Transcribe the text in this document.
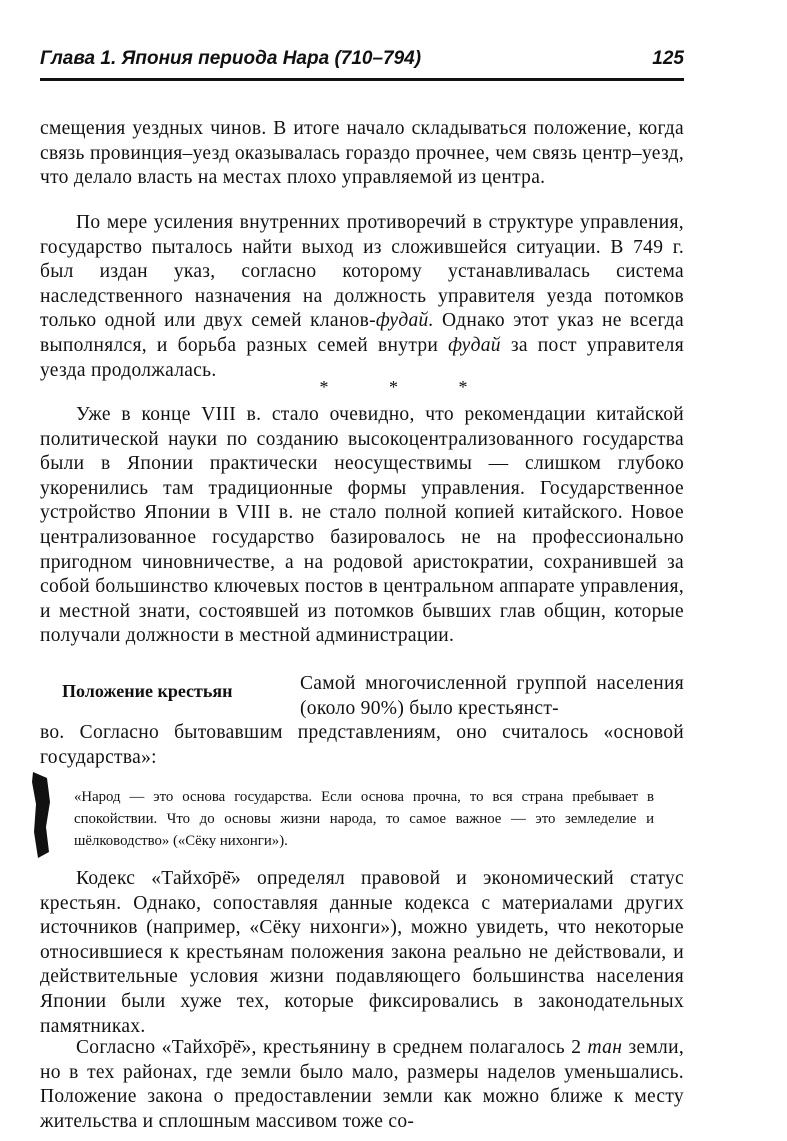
Глава 1. Япония периода Нара (710–794)	125
смещения уездных чинов. В итоге начало складываться положение, когда связь провинция–уезд оказывалась гораздо прочнее, чем связь центр–уезд, что делало власть на местах плохо управляемой из центра.
По мере усиления внутренних противоречий в структуре управления, государство пыталось найти выход из сложившейся ситуации. В 749 г. был издан указ, согласно которому устанавливалась система наследственного назначения на должность управителя уезда потомков только одной или двух семей кланов-фудай. Однако этот указ не всегда выполнялся, и борьба разных семей внутри фудай за пост управителя уезда продолжалась.
* * *
Уже в конце VIII в. стало очевидно, что рекомендации китайской политической науки по созданию высокоцентрализованного государства были в Японии практически неосуществимы — слишком глубоко укоренились там традиционные формы управления. Государственное устройство Японии в VIII в. не стало полной копией китайского. Новое централизованное государство базировалось не на профессионально пригодном чиновничестве, а на родовой аристократии, сохранившей за собой большинство ключевых постов в центральном аппарате управления, и местной знати, состоявшей из потомков бывших глав общин, которые получали должности в местной администрации.
Положение крестьян	Самой многочисленной группой населения (около 90%) было крестьянст-
во. Согласно бытовавшим представлениям, оно считалось «основой государства»:
«Народ — это основа государства. Если основа прочна, то вся страна пребывает в спокойствии. Что до основы жизни народа, то самое важное — это земледелие и шёлководство» («Сёку нихонги»).
Кодекс «Тайхо̄рё̄» определял правовой и экономический статус крестьян. Однако, сопоставляя данные кодекса с материалами других источников (например, «Сёку нихонги»), можно увидеть, что некоторые относившиеся к крестьянам положения закона реально не действовали, и действительные условия жизни подавляющего большинства населения Японии были хуже тех, которые фиксировались в законодательных памятниках.
Согласно «Тайхо̄рё̄», крестьянину в среднем полагалось 2 тан земли, но в тех районах, где земли было мало, размеры наделов уменьшались. Положение закона о предоставлении земли как можно ближе к месту жительства и сплошным массивом тоже со-
